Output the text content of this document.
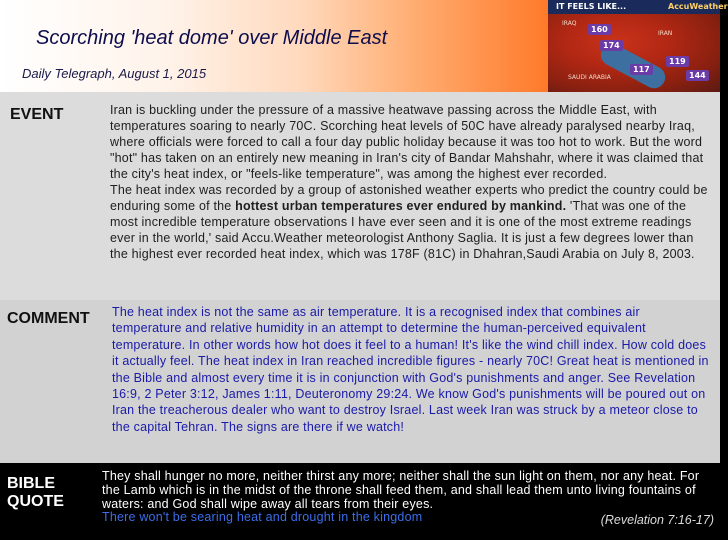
Scorching 'heat dome' over Middle East
Daily Telegraph, August 1, 2015
IT FEELS LIKE...	AccuWeather
IRAQ
IRAN
SAUDI ARABIA
160
174
119
144
117
EVENT	Iran is buckling under the pressure of a massive heatwave passing across the Middle East, with temperatures soaring to nearly 70C. Scorching heat levels of 50C have already paralysed nearby Iraq, where officials were forced to call a four day public holiday because it was too hot to work. But the word "hot" has taken on an entirely new meaning in Iran's city of Bandar Mahshahr, where it was claimed that the city's heat index, or "feels-like temperature", was among the highest ever recorded.
The heat index was recorded by a group of astonished weather experts who predict the country could be enduring some of the hottest urban temperatures ever endured by mankind. 'That was one of the most incredible temperature observations I have ever seen and it is one of the most extreme readings ever in the world,' said Accu.Weather meteorologist Anthony Saglia. It is just a few degrees lower than the highest ever recorded heat index, which was 178F (81C) in Dhahran,Saudi Arabia on July 8, 2003.
COMMENT The heat index is not the same as air temperature. It is a recognised index that combines air temperature and relative humidity in an attempt to determine the human-perceived equivalent temperature. In other words how hot does it feel to a human! It's like the wind chill index. How cold does it actually feel. The heat index in Iran reached incredible figures - nearly 70C! Great heat is mentioned in the Bible and almost every time it is in conjunction with God's punishments and anger. See Revelation 16:9, 2 Peter 3:12, James 1:11, Deuteronomy 29:24. We know God's punishments will be poured out on Iran the treacherous dealer who want to destroy Israel. Last week Iran was struck by a meteor close to the capital Tehran. The signs are there if we watch!
BIBLE
QUOTE
They shall hunger no more, neither thirst any more; neither shall the sun light on them, nor any heat. For the Lamb which is in the midst of the throne shall feed them, and shall lead them unto living fountains of waters: and God shall wipe away all tears from their eyes.
There won't be searing heat and drought in the kingdom	(Revelation 7:16-17)
